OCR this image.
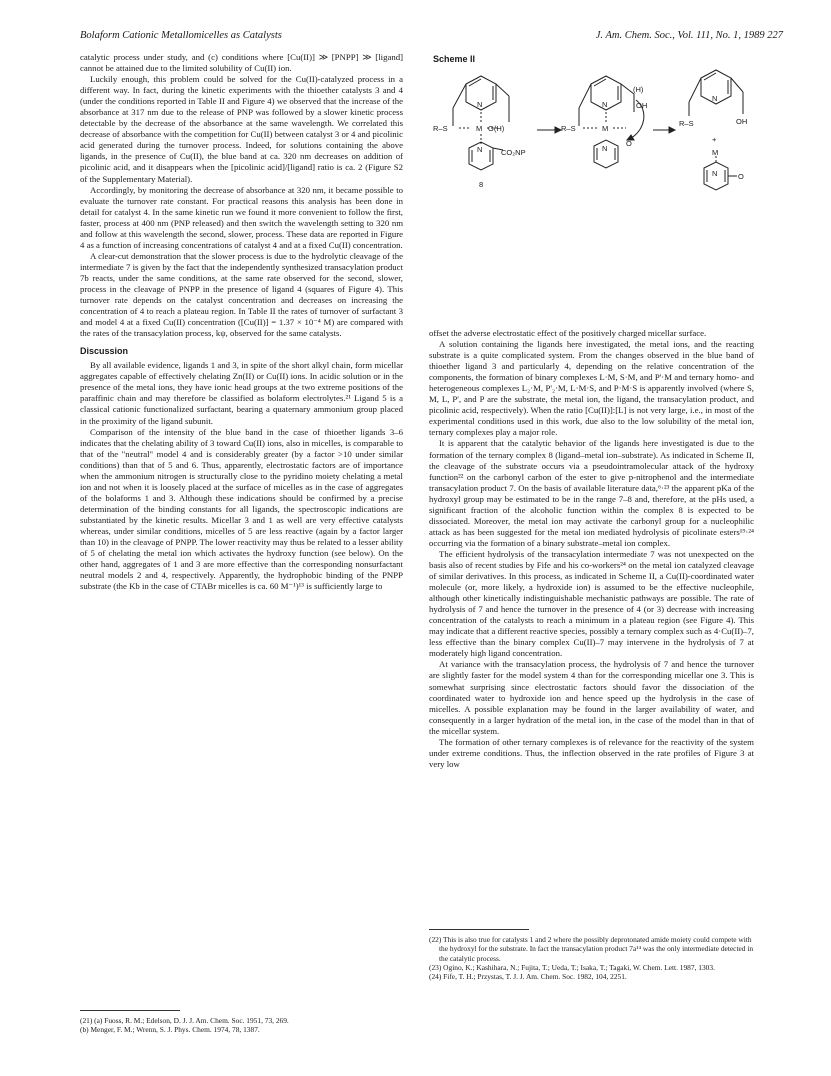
Bolaform Cationic Metallomicelles as Catalysts	J. Am. Chem. Soc., Vol. 111, No. 1, 1989 227

catalytic process under study, and (c) conditions where [Cu(II)] ≫ [PNPP] ≫ [ligand] cannot be attained due to the limited solubility of Cu(II) ion.

Luckily enough, this problem could be solved for the Cu(II)-catalyzed process in a different way. In fact, during the kinetic experiments with the thioether catalysts 3 and 4 (under the conditions reported in Table II and Figure 4) we observed that the increase of the absorbance at 317 nm due to the release of PNP was followed by a slower kinetic process detectable by the decrease of the absorbance at the same wavelength. We correlated this decrease of absorbance with the competition for Cu(II) between catalyst 3 or 4 and picolinic acid generated during the turnover process. Indeed, for solutions containing the above ligands, in the presence of Cu(II), the blue band at ca. 320 nm decreases on addition of picolinic acid, and it disappears when the [picolinic acid]/[ligand] ratio is ca. 2 (Figure S2 of the Supplementary Material).

Accordingly, by monitoring the decrease of absorbance at 320 nm, it became possible to evaluate the turnover rate constant. For practical reasons this analysis has been done in detail for catalyst 4. In the same kinetic run we found it more convenient to follow the first, faster, process at 400 nm (PNP released) and then switch the wavelength setting to 320 nm and follow at this wavelength the second, slower, process. These data are reported in Figure 4 as a function of increasing concentrations of catalyst 4 and at a fixed Cu(II) concentration.

A clear-cut demonstration that the slower process is due to the hydrolytic cleavage of the intermediate 7 is given by the fact that the independently synthesized transacylation product 7b reacts, under the same conditions, at the same rate observed for the second, slower, process in the cleavage of PNPP in the presence of ligand 4 (squares of Figure 4). This turnover rate depends on the catalyst concentration and decreases on increasing the concentration of 4 to reach a plateau region. In Table II the rates of turnover of surfactant 3 and model 4 at a fixed Cu(II) concentration ([Cu(II)] = 1.37 × 10⁻⁴ M) are compared with the rates of the transacylation process, kψ, observed for the same catalysts.

Discussion

By all available evidence, ligands 1 and 3, in spite of the short alkyl chain, form micellar aggregates capable of effectively chelating Zn(II) or Cu(II) ions. In acidic solution or in the presence of the metal ions, they have ionic head groups at the two extreme positions of the paraffinic chain and may therefore be classified as bolaform electrolytes.²¹ Ligand 5 is a classical cationic functionalized surfactant, bearing a quaternary ammonium group placed in the proximity of the ligand subunit.

Comparison of the intensity of the blue band in the case of thioether ligands 3–6 indicates that the chelating ability of 3 toward Cu(II) ions, also in micelles, is comparable to that of the "neutral" model 4 and is considerably greater (by a factor >10 under similar conditions) than that of 5 and 6. Thus, apparently, electrostatic factors are of importance when the ammonium nitrogen is structurally close to the pyridino moiety chelating a metal ion and not when it is loosely placed at the surface of micelles as in the case of aggregates of the bolaforms 1 and 3. Although these indications should be confirmed by a precise determination of the binding constants for all ligands, the spectroscopic indications are substantiated by the kinetic results. Micellar 3 and 1 as well are very effective catalysts whereas, under similar conditions, micelles of 5 are less reactive (again by a factor larger than 10) in the cleavage of PNPP. The lower reactivity may thus be related to a lesser ability of 5 of chelating the metal ion which activates the hydroxy function (see below). On the other hand, aggregates of 1 and 3 are more effective than the corresponding nonsurfactant neutral models 2 and 4, respectively. Apparently, the hydrophobic binding of the PNPP substrate (the Kb in the case of CTABr micelles is ca. 60 M⁻¹)¹³ is sufficiently large to

(21) (a) Fuoss, R. M.; Edelson, D. J. J. Am. Chem. Soc. 1951, 73, 269.

(b) Menger, F. M.; Wrenn, S. J. Phys. Chem. 1974, 78, 1387.

Scheme II
R–S	M O(H)
N
N CO₂NP
8
R–S	M
N
N
(H)
OH
O
R–S	OH
N
+
M
N	O

offset the adverse electrostatic effect of the positively charged micellar surface.

A solution containing the ligands here investigated, the metal ions, and the reacting substrate is a quite complicated system. From the changes observed in the blue band of thioether ligand 3 and particularly 4, depending on the relative concentration of the components, the formation of binary complexes L·M, S·M, and P'·M and ternary homo- and heterogeneous complexes L₂·M, P'₂·M, L·M·S, and P·M·S is apparently involved (where S, M, L, P', and P are the substrate, the metal ion, the ligand, the transacylation product, and picolinic acid, respectively). When the ratio [Cu(II)]:[L] is not very large, i.e., in most of the experimental conditions used in this work, due also to the low solubility of the metal ion, ternary complexes play a major role.

It is apparent that the catalytic behavior of the ligands here investigated is due to the formation of the ternary complex 8 (ligand–metal ion–substrate). As indicated in Scheme II, the cleavage of the substrate occurs via a pseudointramolecular attack of the hydroxy function²² on the carbonyl carbon of the ester to give p-nitrophenol and the intermediate transacylation product 7. On the basis of available literature data,⁶·²³ the apparent pKa of the hydroxyl group may be estimated to be in the range 7–8 and, therefore, at the pHs used, a significant fraction of the alcoholic function within the complex 8 is expected to be dissociated. Moreover, the metal ion may activate the carbonyl group for a nucleophilic attack as has been suggested for the metal ion mediated hydrolysis of picolinate esters¹⁹·²⁴ occurring via the formation of a binary substrate–metal ion complex.

The efficient hydrolysis of the transacylation intermediate 7 was not unexpected on the basis also of recent studies by Fife and his co-workers²⁴ on the metal ion catalyzed cleavage of similar derivatives. In this process, as indicated in Scheme II, a Cu(II)-coordinated water molecule (or, more likely, a hydroxide ion) is assumed to be the effective nucleophile, although other kinetically indistinguishable mechanistic pathways are possible. The rate of hydrolysis of 7 and hence the turnover in the presence of 4 (or 3) decrease with increasing concentration of the catalysts to reach a minimum in a plateau region (see Figure 4). This may indicate that a different reactive species, possibly a ternary complex such as 4·Cu(II)–7, less effective than the binary complex Cu(II)–7 may intervene in the hydrolysis of 7 at moderately high ligand concentration.

At variance with the transacylation process, the hydrolysis of 7 and hence the turnover are slightly faster for the model system 4 than for the corresponding micellar one 3. This is somewhat surprising since electrostatic factors should favor the dissociation of the coordinated water to hydroxide ion and hence speed up the hydrolysis in the case of micelles. A possible explanation may be found in the larger availability of water, and consequently in a larger hydration of the metal ion, in the case of the model than in that of the micellar system.

The formation of other ternary complexes is of relevance for the reactivity of the system under extreme conditions. Thus, the inflection observed in the rate profiles of Figure 3 at very low

(22) This is also true for catalysts 1 and 2 where the possibly deprotonated amide moiety could compete with the hydroxyl for the substrate. In fact the transacylation product 7a¹⁴ was the only intermediate detected in the catalytic process.

(23) Ogino, K.; Kashihara, N.; Fujita, T.; Ueda, T.; Isaka, T.; Tagaki, W. Chem. Lett. 1987, 1303.

(24) Fife, T. H.; Przystas, T. J. J. Am. Chem. Soc. 1982, 104, 2251.
